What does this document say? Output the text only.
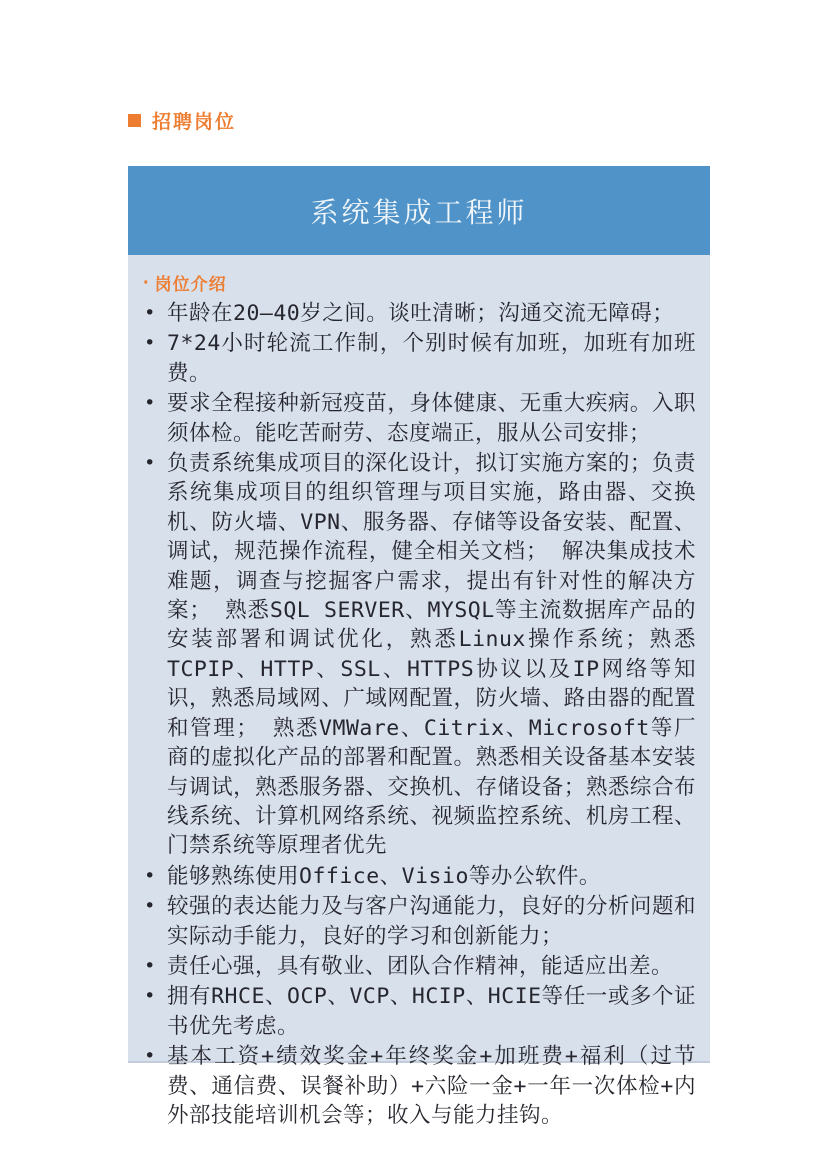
招聘岗位
系统集成工程师
· 岗位介绍
• 年龄在20—40岁之间。谈吐清晰；沟通交流无障碍；
• 7*24小时轮流工作制，个别时候有加班，加班有加班费。
• 要求全程接种新冠疫苗，身体健康、无重大疾病。入职须体检。能吃苦耐劳、态度端正，服从公司安排；
• 负责系统集成项目的深化设计，拟订实施方案的；负责系统集成项目的组织管理与项目实施，路由器、交换机、防火墙、VPN、服务器、存储等设备安装、配置、调试，规范操作流程，健全相关文档； 解决集成技术难题，调查与挖掘客户需求，提出有针对性的解决方案； 熟悉SQL SERVER、MYSQL等主流数据库产品的安装部署和调试优化，熟悉Linux操作系统；熟悉TCPIP、HTTP、SSL、HTTPS协议以及IP网络等知识，熟悉局域网、广域网配置，防火墙、路由器的配置和管理； 熟悉VMWare、Citrix、Microsoft等厂商的虚拟化产品的部署和配置。熟悉相关设备基本安装与调试，熟悉服务器、交换机、存储设备；熟悉综合布线系统、计算机网络系统、视频监控系统、机房工程、门禁系统等原理者优先
• 能够熟练使用Office、Visio等办公软件。
• 较强的表达能力及与客户沟通能力，良好的分析问题和实际动手能力，良好的学习和创新能力；
• 责任心强，具有敬业、团队合作精神，能适应出差。
• 拥有RHCE、OCP、VCP、HCIP、HCIE等任一或多个证书优先考虑。
• 基本工资+绩效奖金+年终奖金+加班费+福利（过节费、通信费、误餐补助）+六险一金+一年一次体检+内外部技能培训机会等；收入与能力挂钩。
